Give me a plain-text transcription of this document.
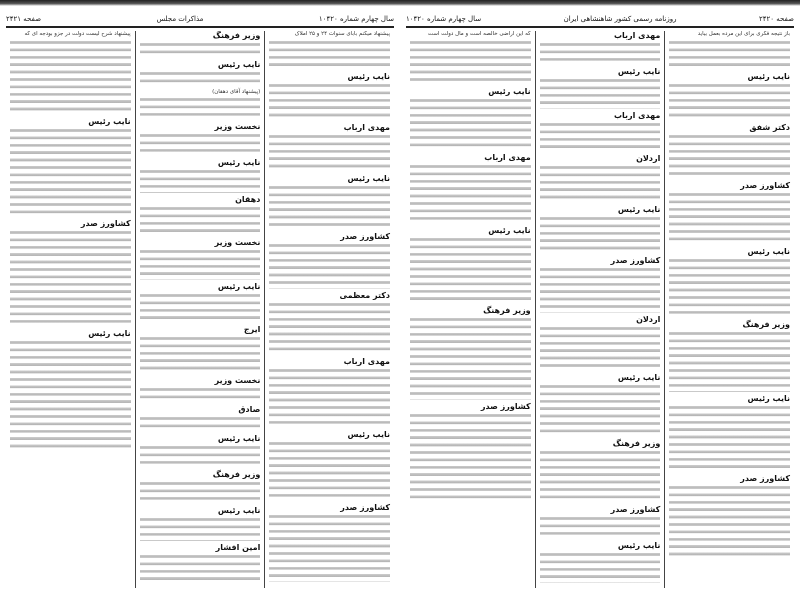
سال چهارم شماره ۱۰۴۲۰
مذاکرات مجلس
صفحه ۲۴۲۱
پیشنهاد میکنم بابای سنوات ۲۴ و ۲۵ املاک
نایب رئیس
مهدی ارباب
نایب رئیس
کشاورز صدر
دکتر معظمی
مهدی ارباب
نایب رئیس
کشاورز صدر
وزیر فرهنگ
نایب رئیس
(پیشنهاد آقای دهقان)
نخست وزیر
نایب رئیس
دهقان
نخست وزیر
نایب رئیس
ایرج
نخست وزیر
صادق
نایب رئیس
وزیر فرهنگ
نایب رئیس
امین افشار
پیشنهاد شرح لیست دولت در جزو بودجه ای که
نایب رئیس
کشاورز صدر
نایب رئیس
صفحه ۲۴۲۰
روزنامه رسمی کشور شاهنشاهی ایران
سال چهارم شماره ۱۰۴۲۰
باز نتیجه فکری برای این مرده بعمل بیاید
نایب رئیس
دکتر شفق
کشاورز صدر
نایب رئیس
وزیر فرهنگ
نایب رئیس
کشاورز صدر
مهدی ارباب
نایب رئیس
مهدی ارباب
اردلان
نایب رئیس
کشاورز صدر
اردلان
نایب رئیس
وزیر فرهنگ
کشاورز صدر
نایب رئیس
که این اراضی خالصه است و مال دولت است
نایب رئیس
مهدی ارباب
نایب رئیس
وزیر فرهنگ
کشاورز صدر
